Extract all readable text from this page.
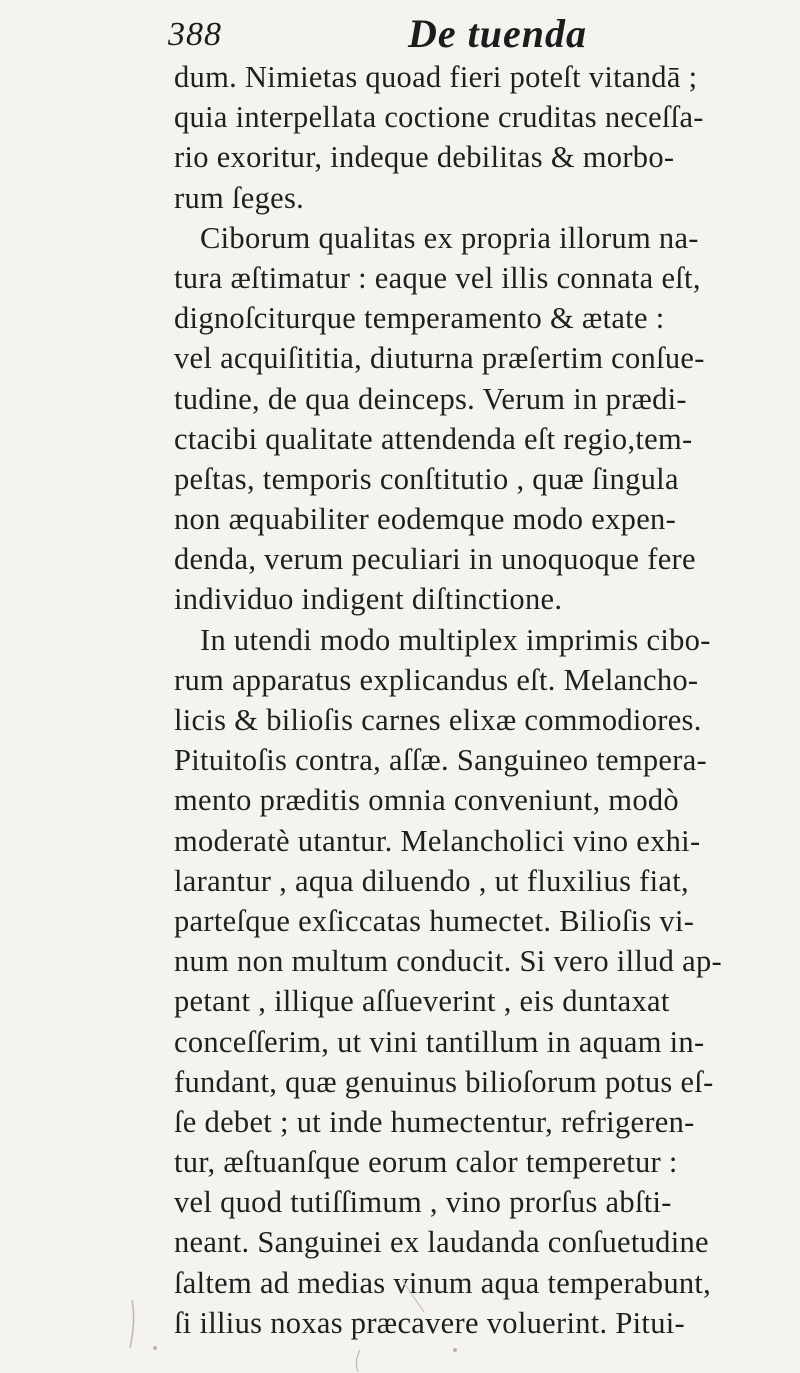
388	De tuenda
dum. Nimietas quoad fieri poteſt vitandā ;
quia interpellata coctione cruditas neceſſa-
rio exoritur, indeque debilitas & morbo-
rum ſeges.
Ciborum qualitas ex propria illorum na-
tura æſtimatur : eaque vel illis connata eſt,
dignoſciturque temperamento & ætate :
vel acquiſititia, diuturna præſertim conſue-
tudine, de qua deinceps. Verum in prædi-
ctacibi qualitate attendenda eſt regio,tem-
peſtas, temporis conſtitutio , quæ ſingula
non æquabiliter eodemque modo expen-
denda, verum peculiari in unoquoque fere
individuo indigent diſtinctione.
In utendi modo multiplex imprimis cibo-
rum apparatus explicandus eſt. Melancho-
licis & bilioſis carnes elixæ commodiores.
Pituitoſis contra, aſſæ. Sanguineo tempera-
mento præditis omnia conveniunt, modò
moderatè utantur. Melancholici vino exhi-
larantur , aqua diluendo , ut fluxilius fiat,
parteſque exſiccatas humectet. Bilioſis vi-
num non multum conducit. Si vero illud ap-
petant , illique aſſueverint , eis duntaxat
conceſſerim, ut vini tantillum in aquam in-
fundant, quæ genuinus bilioſorum potus eſ-
ſe debet ; ut inde humectentur, refrigeren-
tur, æſtuanſque eorum calor temperetur :
vel quod tutiſſimum , vino prorſus abſti-
neant. Sanguinei ex laudanda conſuetudine
ſaltem ad medias vinum aqua temperabunt,
ſi illius noxas præcavere voluerint. Pitui-
